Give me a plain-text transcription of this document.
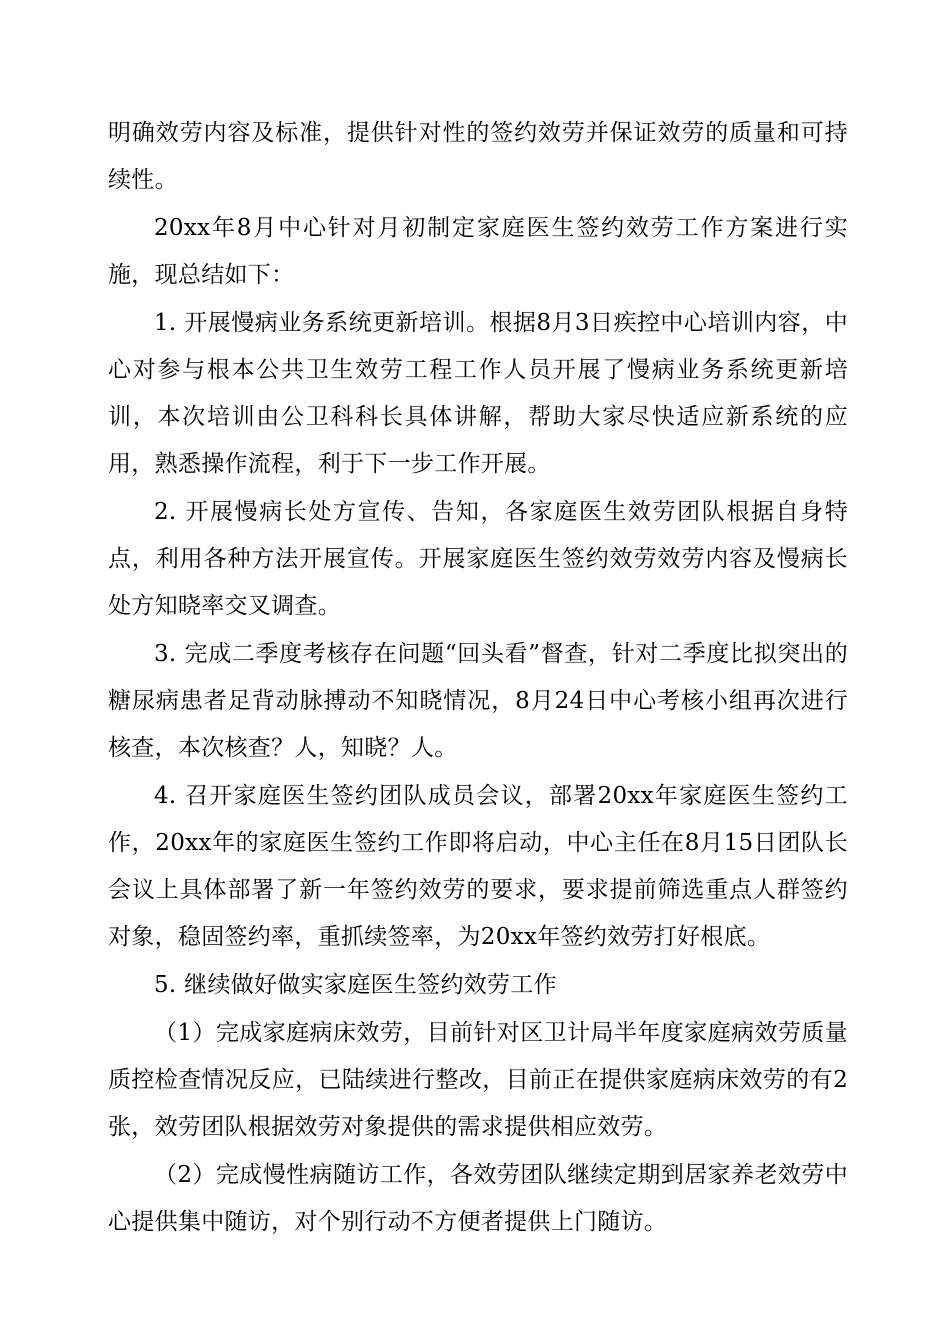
明确效劳内容及标准，提供针对性的签约效劳并保证效劳的质量和可持续性。

20xx年8月中心针对月初制定家庭医生签约效劳工作方案进行实施，现总结如下：

1. 开展慢病业务系统更新培训。根据8月3日疾控中心培训内容，中心对参与根本公共卫生效劳工程工作人员开展了慢病业务系统更新培训，本次培训由公卫科科长具体讲解，帮助大家尽快适应新系统的应用，熟悉操作流程，利于下一步工作开展。

2. 开展慢病长处方宣传、告知，各家庭医生效劳团队根据自身特点，利用各种方法开展宣传。开展家庭医生签约效劳效劳内容及慢病长处方知晓率交叉调查。

3. 完成二季度考核存在问题“回头看”督查，针对二季度比拟突出的糖尿病患者足背动脉搏动不知晓情况，8月24日中心考核小组再次进行核查，本次核查？人，知晓？人。

4. 召开家庭医生签约团队成员会议，部署20xx年家庭医生签约工作，20xx年的家庭医生签约工作即将启动，中心主任在8月15日团队长会议上具体部署了新一年签约效劳的要求，要求提前筛选重点人群签约对象，稳固签约率，重抓续签率，为20xx年签约效劳打好根底。

5. 继续做好做实家庭医生签约效劳工作

（1）完成家庭病床效劳，目前针对区卫计局半年度家庭病效劳质量质控检查情况反应，已陆续进行整改，目前正在提供家庭病床效劳的有2张，效劳团队根据效劳对象提供的需求提供相应效劳。

（2）完成慢性病随访工作，各效劳团队继续定期到居家养老效劳中心提供集中随访，对个别行动不方便者提供上门随访。
